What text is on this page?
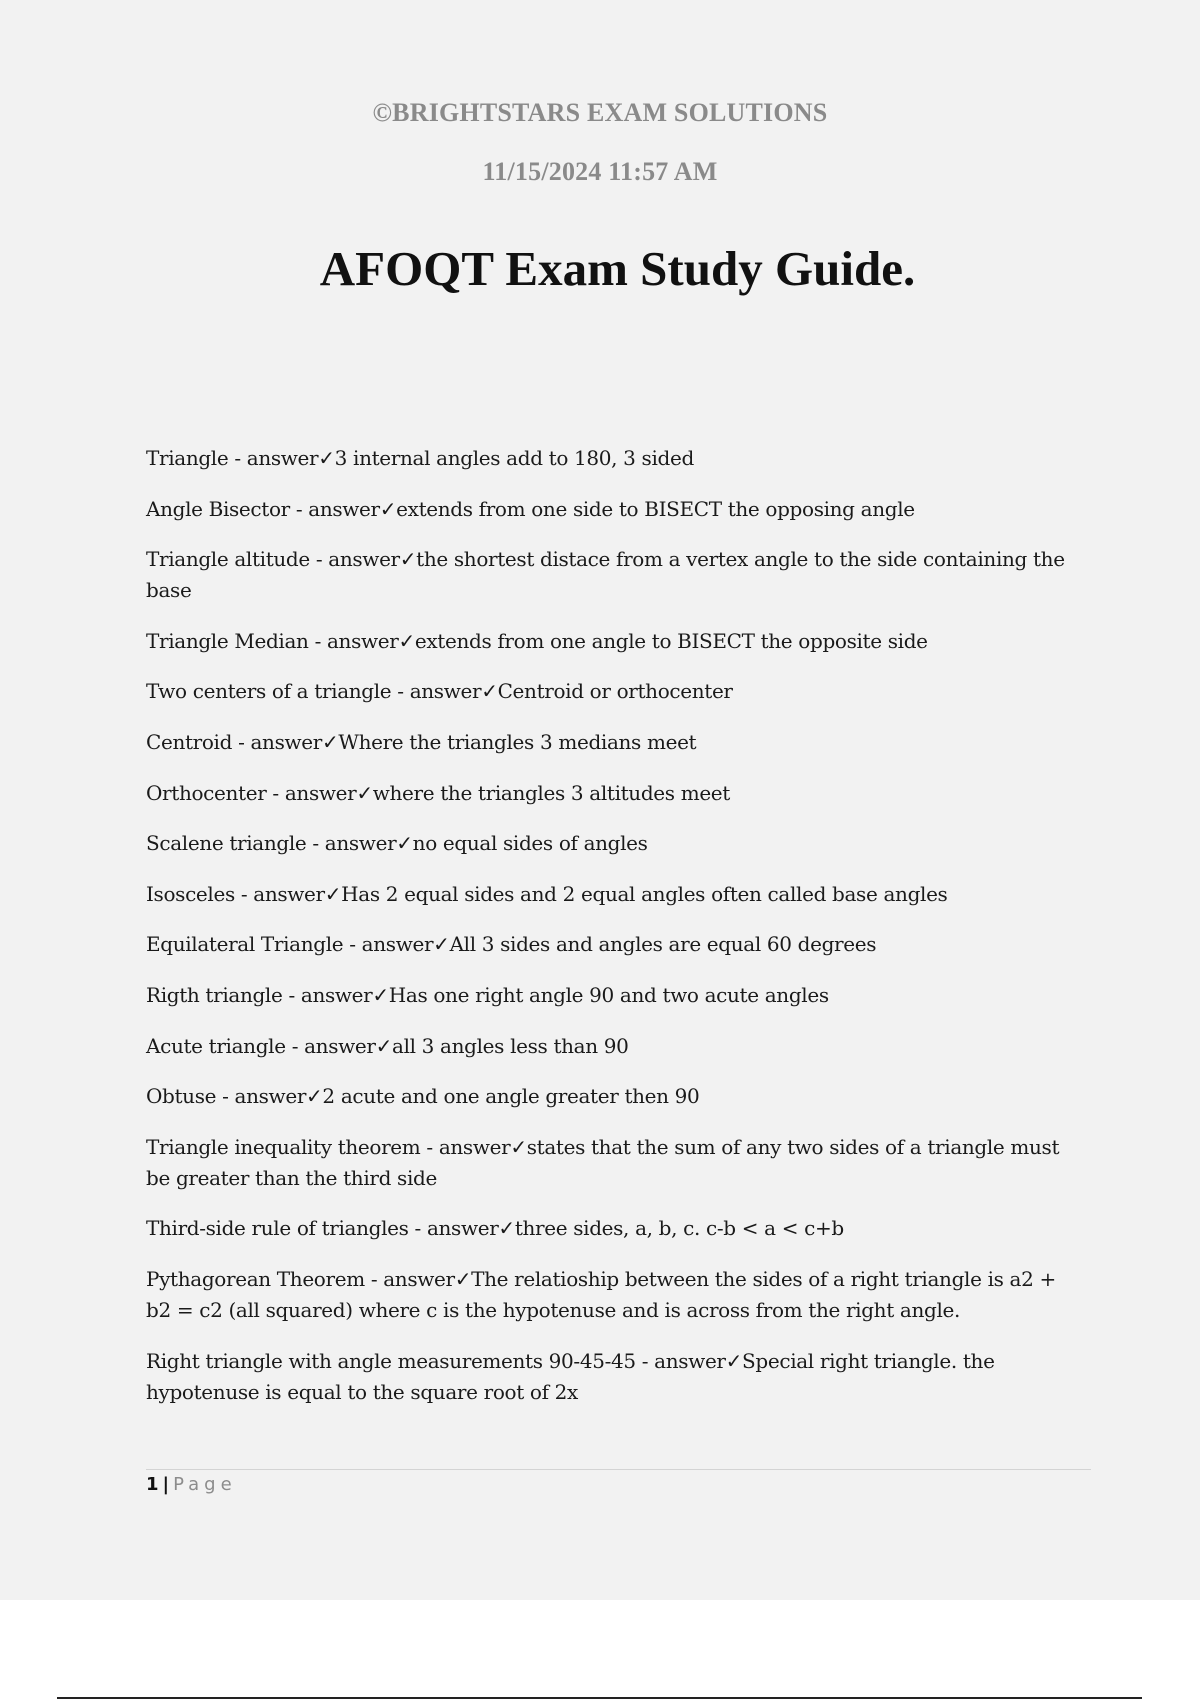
©BRIGHTSTARS EXAM SOLUTIONS
11/15/2024 11:57 AM
AFOQT Exam Study Guide.
Triangle - answer✓3 internal angles add to 180, 3 sided
Angle Bisector - answer✓extends from one side to BISECT the opposing angle
Triangle altitude - answer✓the shortest distace from a vertex angle to the side containing the base
Triangle Median - answer✓extends from one angle to BISECT the opposite side
Two centers of a triangle - answer✓Centroid or orthocenter
Centroid - answer✓Where the triangles 3 medians meet
Orthocenter - answer✓where the triangles 3 altitudes meet
Scalene triangle - answer✓no equal sides of angles
Isosceles - answer✓Has 2 equal sides and 2 equal angles often called base angles
Equilateral Triangle - answer✓All 3 sides and angles are equal 60 degrees
Rigth triangle - answer✓Has one right angle 90 and two acute angles
Acute triangle - answer✓all 3 angles less than 90
Obtuse - answer✓2 acute and one angle greater then 90
Triangle inequality theorem - answer✓states that the sum of any two sides of a triangle must be greater than the third side
Third-side rule of triangles - answer✓three sides, a, b, c. c-b < a < c+b
Pythagorean Theorem - answer✓The relatioship between the sides of a right triangle is a2 + b2 = c2 (all squared) where c is the hypotenuse and is across from the right angle.
Right triangle with angle measurements 90-45-45 - answer✓Special right triangle. the hypotenuse is equal to the square root of 2x
1 | Page
